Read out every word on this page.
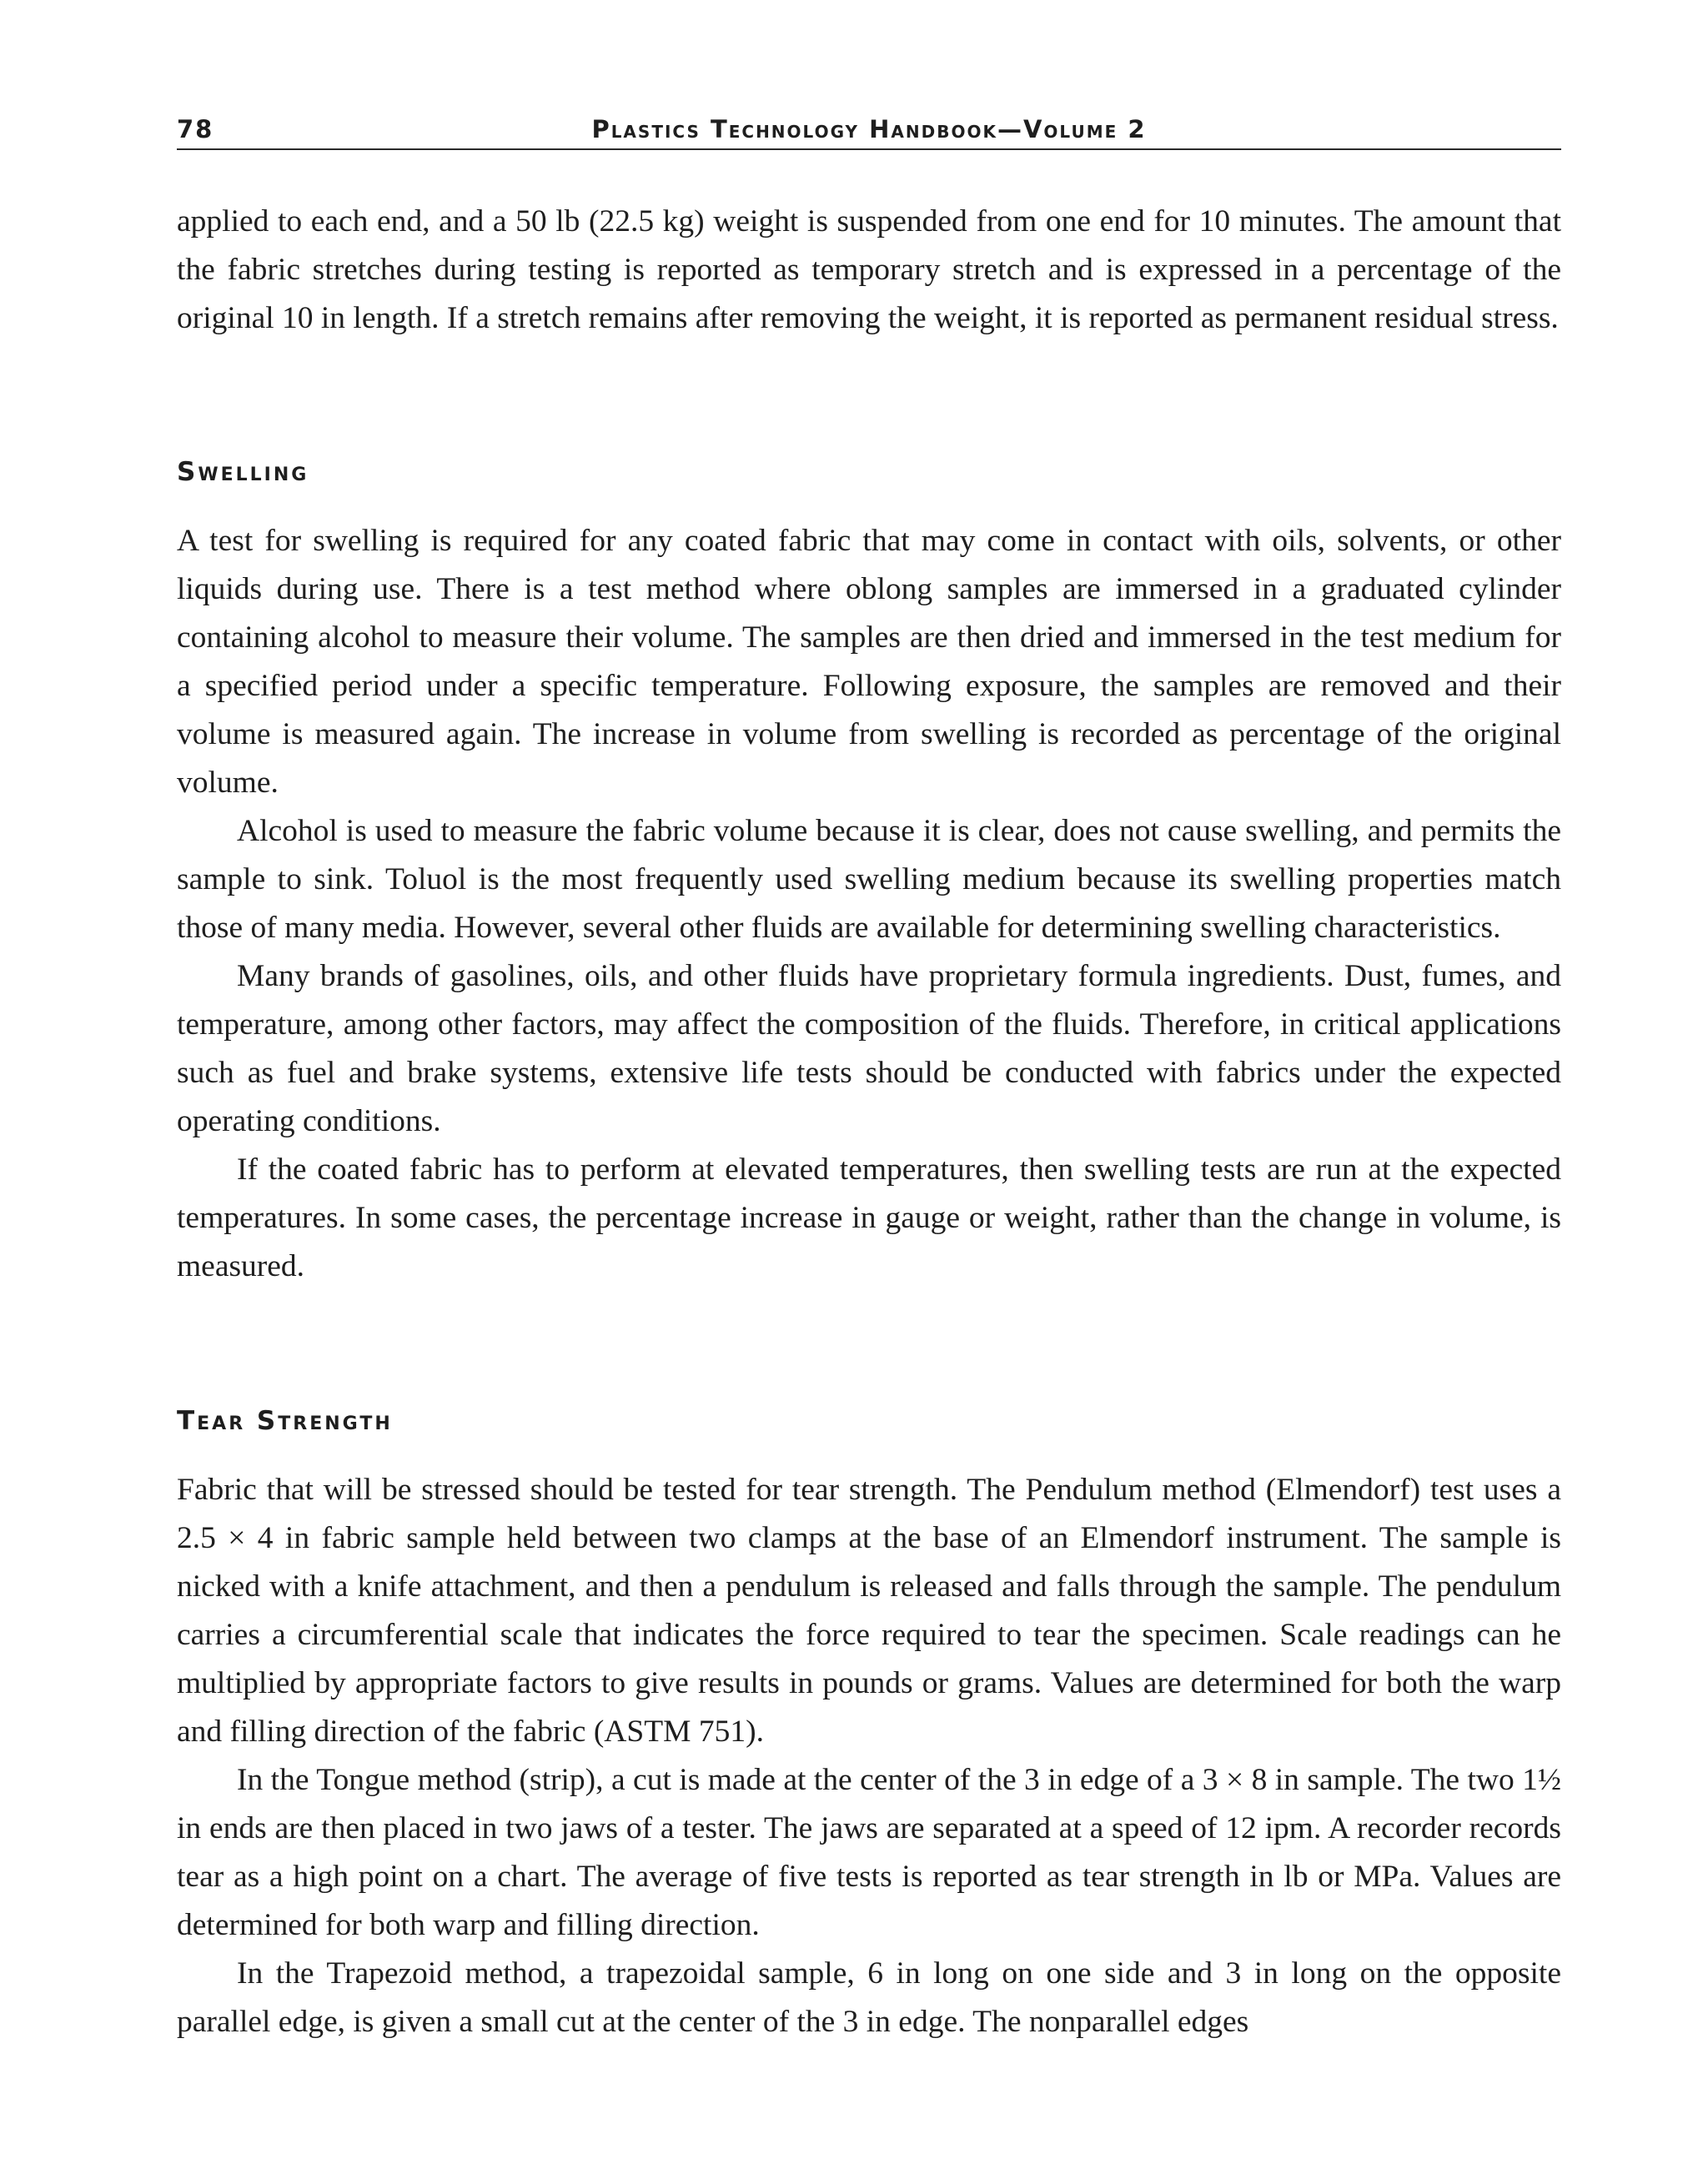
78	Plastics Technology Handbook—Volume 2

applied to each end, and a 50 lb (22.5 kg) weight is suspended from one end for 10 minutes. The amount that the fabric stretches during testing is reported as temporary stretch and is expressed in a percentage of the original 10 in length. If a stretch remains after removing the weight, it is reported as permanent residual stress.

Swelling

A test for swelling is required for any coated fabric that may come in contact with oils, solvents, or other liquids during use. There is a test method where oblong samples are immersed in a graduated cylinder containing alcohol to measure their volume. The samples are then dried and immersed in the test medium for a specified period under a specific temperature. Following exposure, the samples are removed and their volume is measured again. The increase in volume from swelling is recorded as percentage of the original volume.

Alcohol is used to measure the fabric volume because it is clear, does not cause swelling, and permits the sample to sink. Toluol is the most frequently used swelling medium because its swelling properties match those of many media. However, several other fluids are available for determining swelling characteristics.

Many brands of gasolines, oils, and other fluids have proprietary formula ingredients. Dust, fumes, and temperature, among other factors, may affect the composition of the fluids. Therefore, in critical applications such as fuel and brake systems, extensive life tests should be conducted with fabrics under the expected operating conditions.

If the coated fabric has to perform at elevated temperatures, then swelling tests are run at the expected temperatures. In some cases, the percentage increase in gauge or weight, rather than the change in volume, is measured.

Tear Strength

Fabric that will be stressed should be tested for tear strength. The Pendulum method (Elmendorf) test uses a 2.5 × 4 in fabric sample held between two clamps at the base of an Elmendorf instrument. The sample is nicked with a knife attachment, and then a pendulum is released and falls through the sample. The pendulum carries a circumferential scale that indicates the force required to tear the specimen. Scale readings can he multiplied by appropriate factors to give results in pounds or grams. Values are determined for both the warp and filling direction of the fabric (ASTM 751).

In the Tongue method (strip), a cut is made at the center of the 3 in edge of a 3 × 8 in sample. The two 1½ in ends are then placed in two jaws of a tester. The jaws are separated at a speed of 12 ipm. A recorder records tear as a high point on a chart. The average of five tests is reported as tear strength in lb or MPa. Values are determined for both warp and filling direction.

In the Trapezoid method, a trapezoidal sample, 6 in long on one side and 3 in long on the opposite parallel edge, is given a small cut at the center of the 3 in edge. The nonparallel edges
